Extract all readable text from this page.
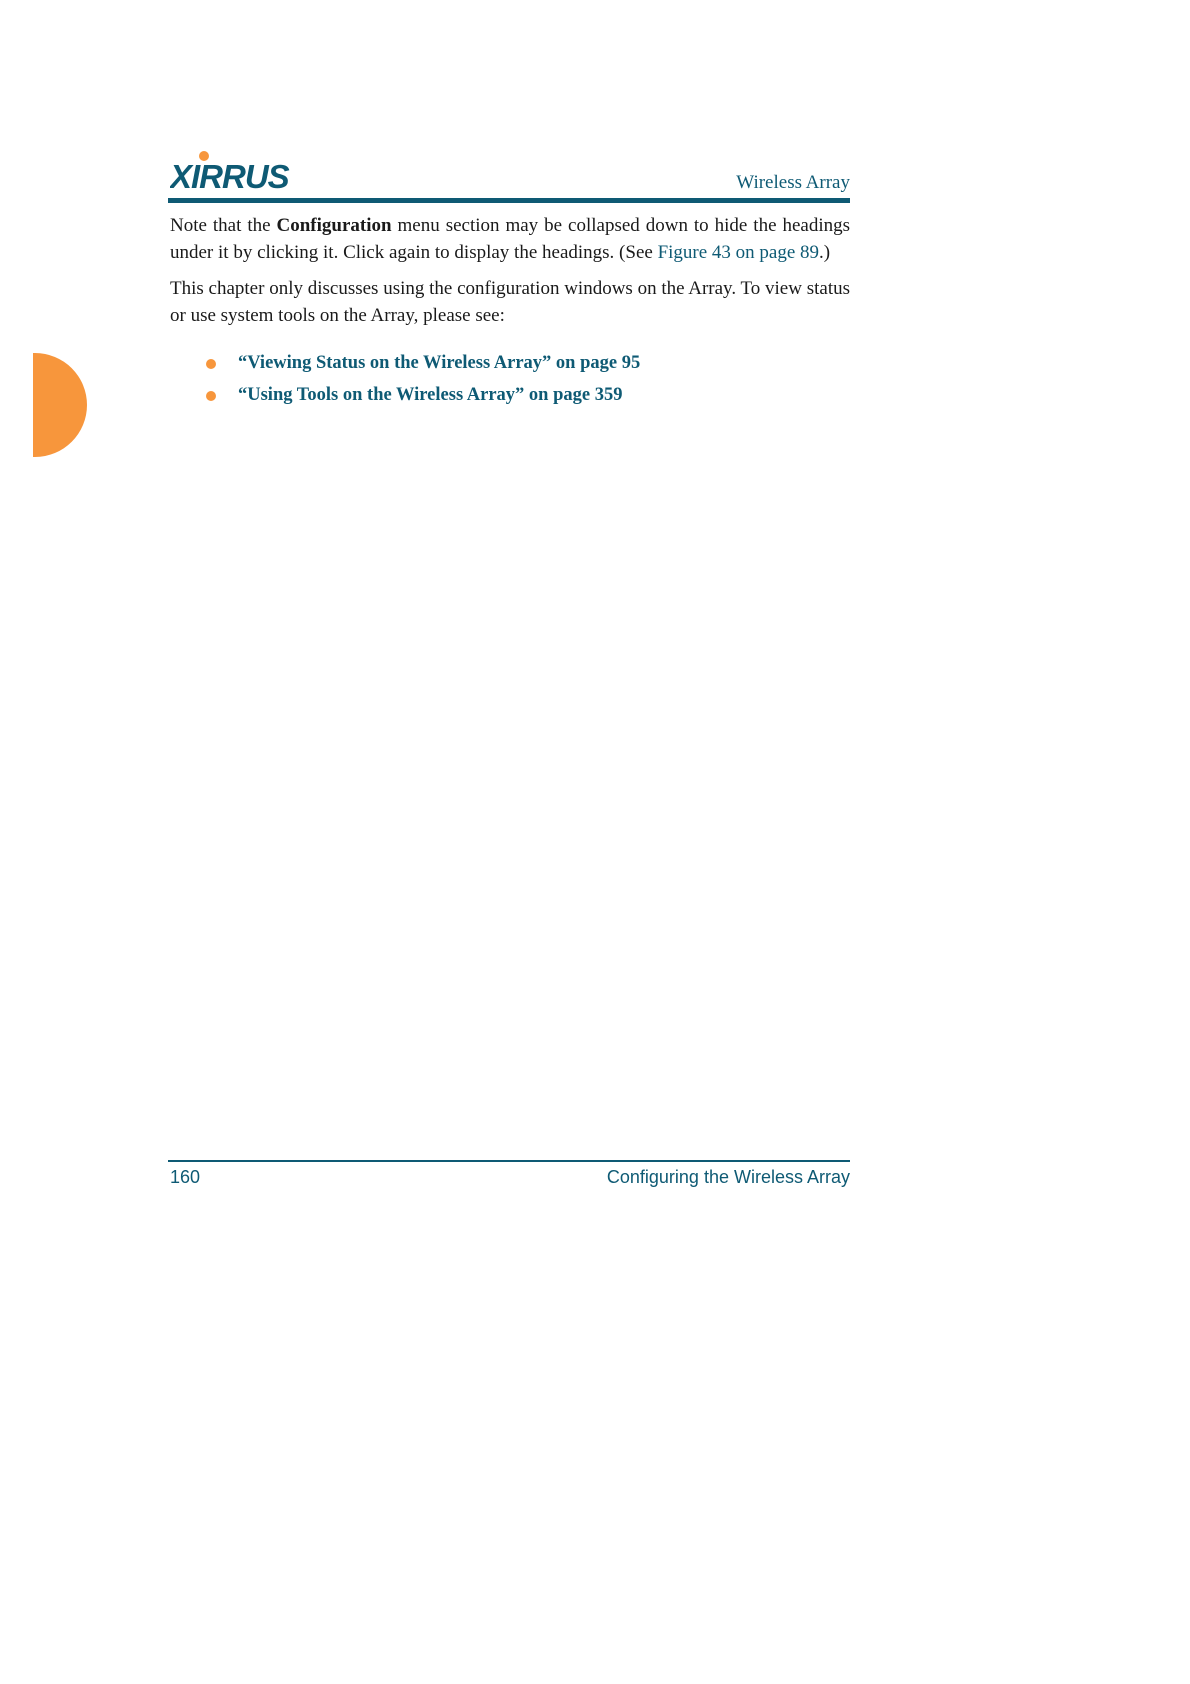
XIRRUS	Wireless Array

Note that the Configuration menu section may be collapsed down to hide the headings under it by clicking it. Click again to display the headings. (See Figure 43 on page 89.)

This chapter only discusses using the configuration windows on the Array. To view status or use system tools on the Array, please see:

“Viewing Status on the Wireless Array” on page 95
“Using Tools on the Wireless Array” on page 359
160	Configuring the Wireless Array
